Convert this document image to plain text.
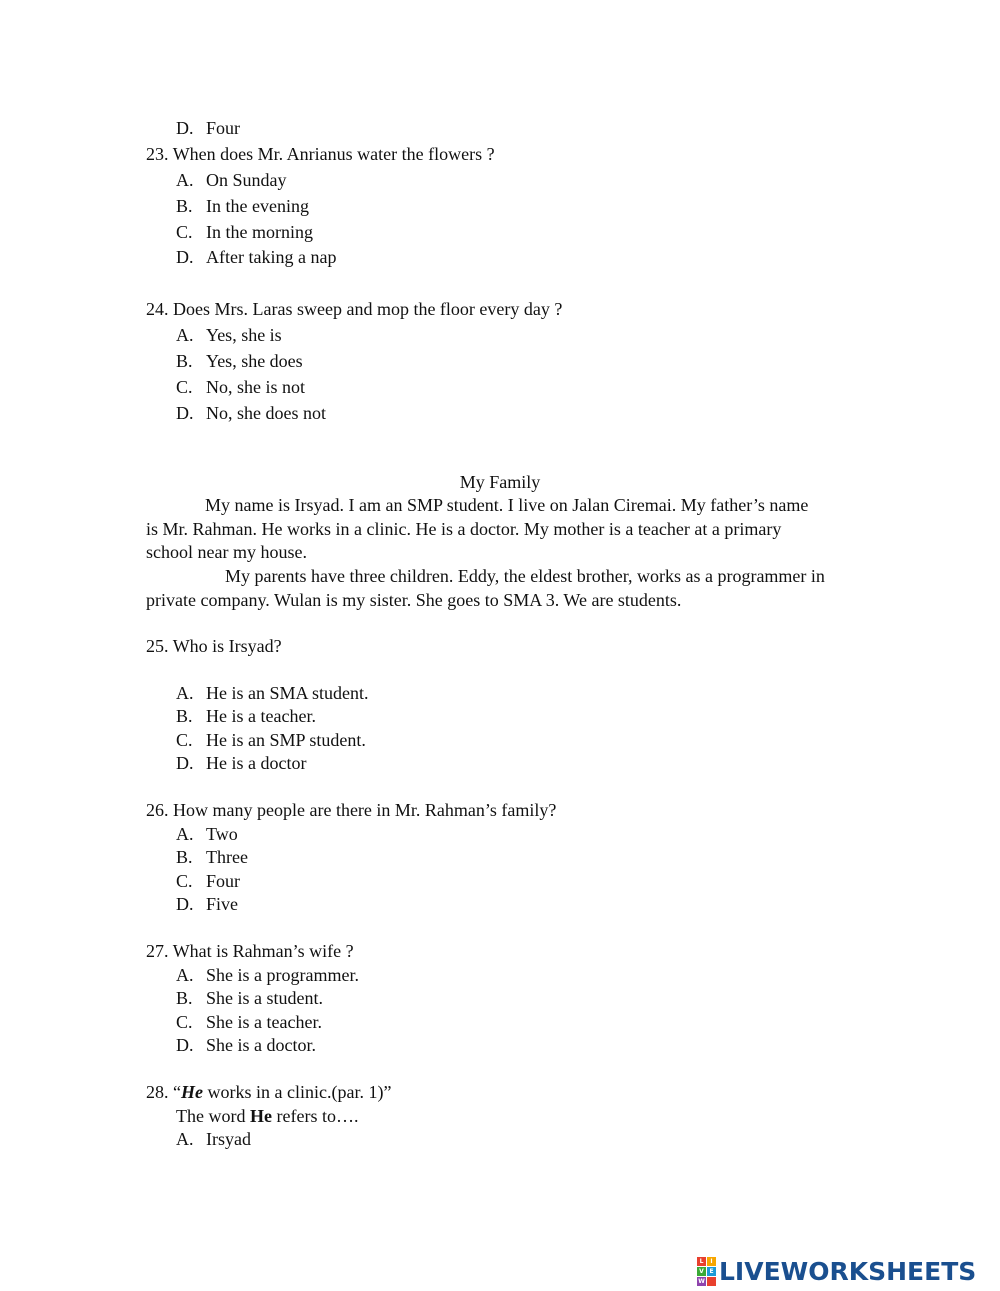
D. Four
23. When does Mr. Anrianus water the flowers ?
A. On Sunday
B. In the evening
C. In the morning
D. After taking a nap
24. Does Mrs. Laras sweep and mop the floor every day ?
A. Yes, she is
B. Yes, she does
C. No, she is not
D. No, she does not
My Family
My name is Irsyad. I am an SMP student. I live on Jalan Ciremai. My father’s name
is Mr. Rahman. He works in a clinic. He is a doctor. My mother is a teacher at a primary
school near my house.
My parents have three children. Eddy, the eldest brother, works as a programmer in
private company. Wulan is my sister. She goes to SMA 3. We are students.
25. Who is Irsyad?
A. He is an SMA student.
B. He is a teacher.
C. He is an SMP student.
D. He is a doctor
26. How many people are there in Mr. Rahman’s family?
A. Two
B. Three
C. Four
D. Five
27. What is Rahman’s wife ?
A. She is a programmer.
B. She is a student.
C. She is a teacher.
D. She is a doctor.
28. “He works in a clinic.(par. 1)”
The word He refers to….
A. Irsyad
L	I
V E
W LIVEWORKSHEETS
